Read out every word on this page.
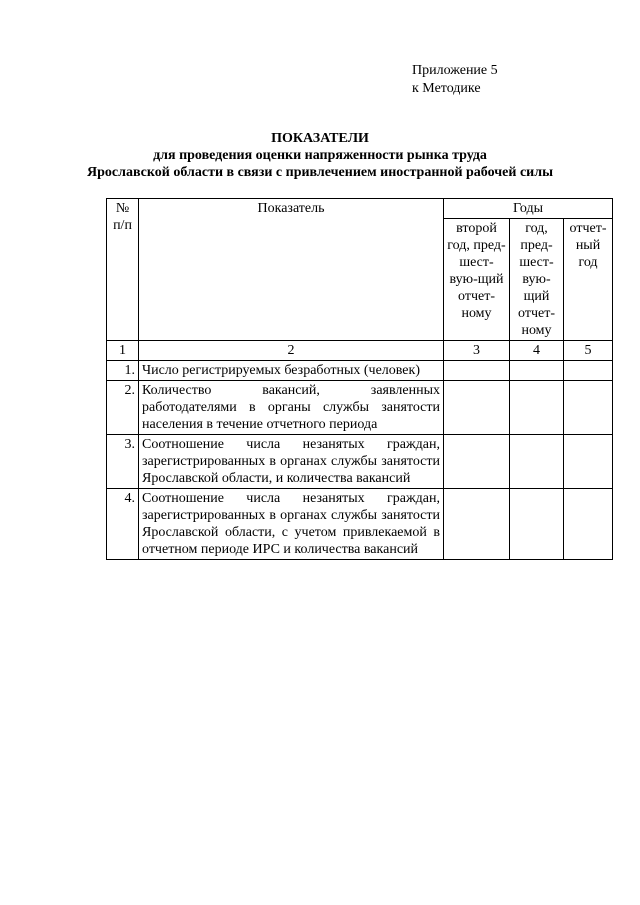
Приложение 5
к Методике
ПОКАЗАТЕЛИ
для проведения оценки напряженности рынка труда
Ярославской области в связи с привлечением иностранной рабочей силы
№ п/п	Показатель	Годы		
		второй год, пред-шест-вую-щий отчет-ному	год, пред-шест-вую-щий отчет-ному	отчет-ный год
1	2	3	4	5
1.	Число регистрируемых безработных (человек)			
2.	Количество вакансий, заявленных работодателями в органы службы занятости населения в течение отчетного периода			
3.	Соотношение числа незанятых граждан, зарегистрированных в органах службы занятости Ярославской области, и количества вакансий			
4.	Соотношение числа незанятых граждан, зарегистрированных в органах службы занятости Ярославской области, с учетом привлекаемой в отчетном периоде ИРС и количества вакансий			
